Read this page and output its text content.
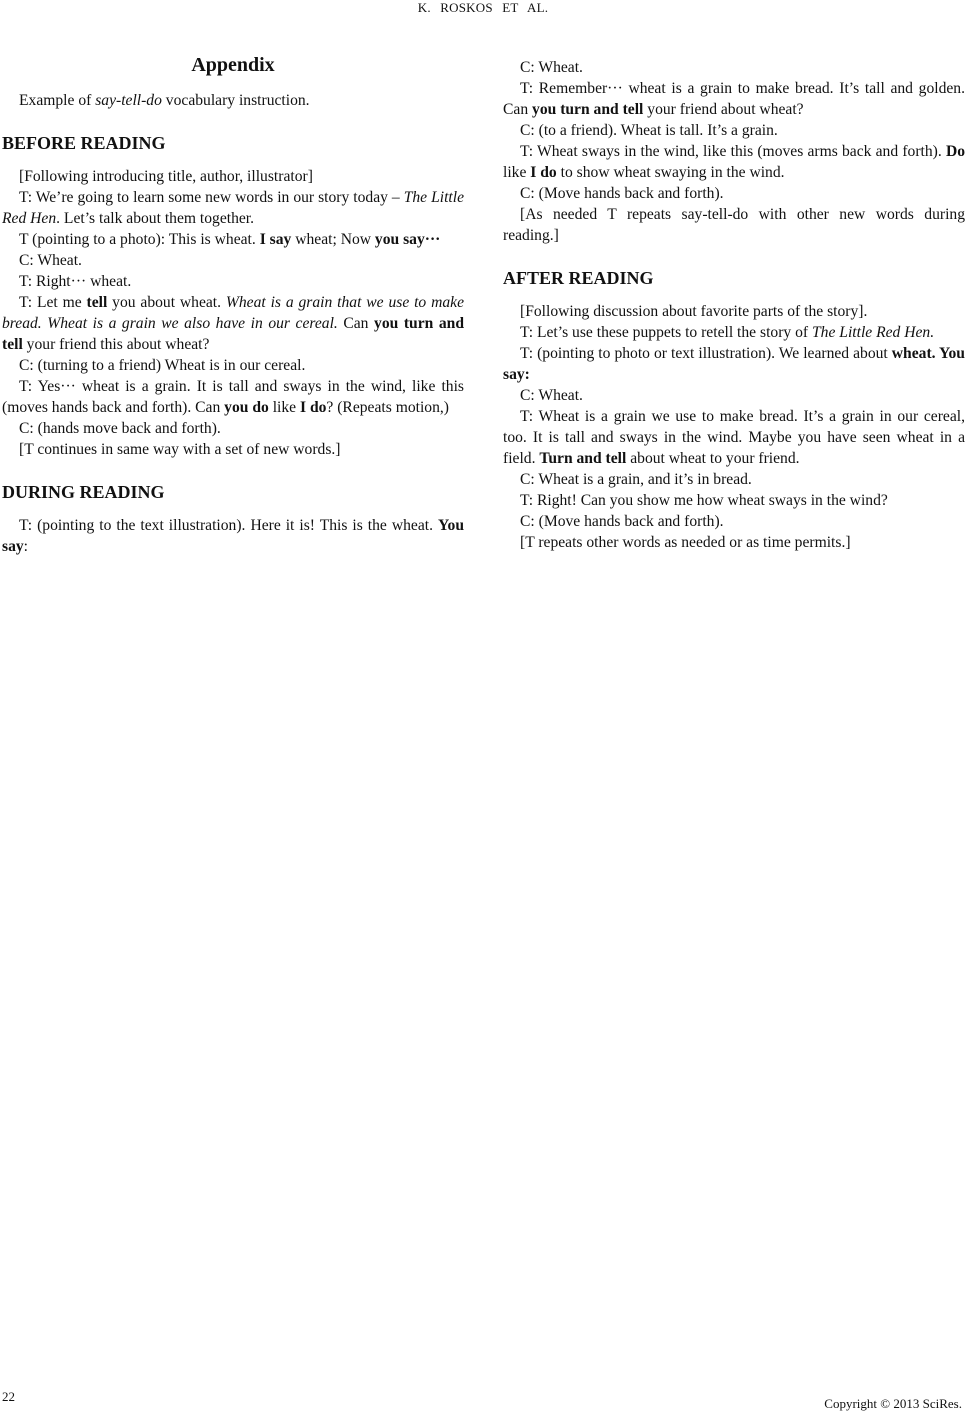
K. ROSKOS ET AL.
Appendix

Example of say-tell-do vocabulary instruction.

BEFORE READING

[Following introducing title, author, illustrator]

T: We’re going to learn some new words in our story today – The Little Red Hen. Let’s talk about them together.

T (pointing to a photo): This is wheat. I say wheat; Now you say···

C: Wheat.

T: Right··· wheat.

T: Let me tell you about wheat. Wheat is a grain that we use to make bread. Wheat is a grain we also have in our cereal. Can you turn and tell your friend this about wheat?

C: (turning to a friend) Wheat is in our cereal.

T: Yes··· wheat is a grain. It is tall and sways in the wind, like this (moves hands back and forth). Can you do like I do? (Repeats motion,)

C: (hands move back and forth).

[T continues in same way with a set of new words.]

DURING READING

T: (pointing to the text illustration). Here it is! This is the wheat. You say:

C: Wheat.

T: Remember··· wheat is a grain to make bread. It’s tall and golden. Can you turn and tell your friend about wheat?

C: (to a friend). Wheat is tall. It’s a grain.

T: Wheat sways in the wind, like this (moves arms back and forth). Do like I do to show wheat swaying in the wind.

C: (Move hands back and forth).

[As needed T repeats say-tell-do with other new words during reading.]

AFTER READING

[Following discussion about favorite parts of the story].

T: Let’s use these puppets to retell the story of The Little Red Hen.

T: (pointing to photo or text illustration). We learned about wheat. You say:

C: Wheat.

T: Wheat is a grain we use to make bread. It’s a grain in our cereal, too. It is tall and sways in the wind. Maybe you have seen wheat in a field. Turn and tell about wheat to your friend.

C: Wheat is a grain, and it’s in bread.

T: Right! Can you show me how wheat sways in the wind?

C: (Move hands back and forth).

[T repeats other words as needed or as time permits.]

22	Copyright © 2013 SciRes.
